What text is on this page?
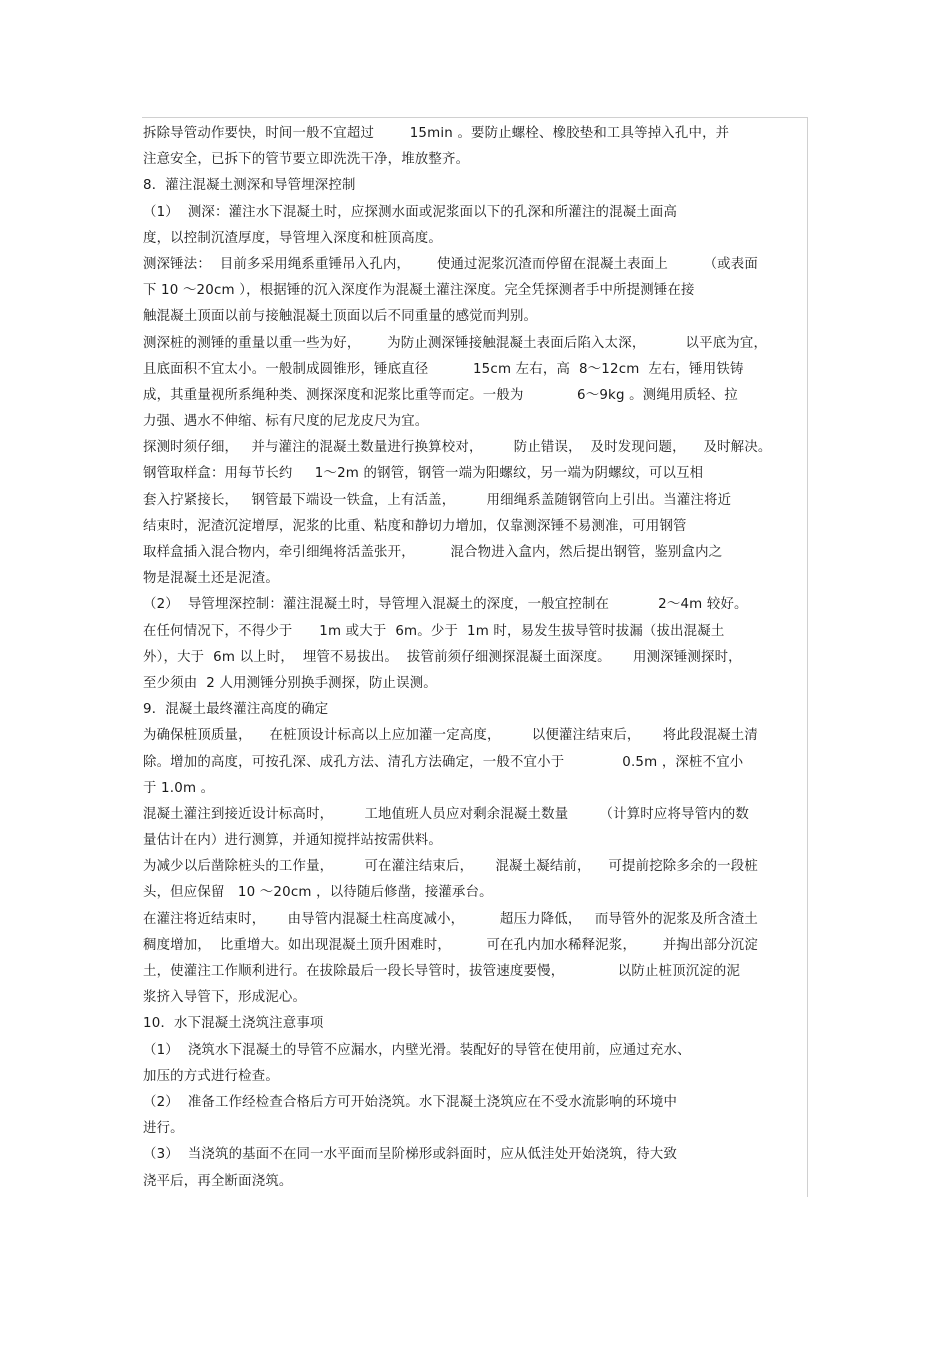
拆除导管动作要快，时间一般不宜超过        15min 。要防止螺栓、橡胶垫和工具等掉入孔中，并
注意安全，已拆下的管节要立即洗洗干净，堆放整齐。
8．灌注混凝土测深和导管埋深控制
（1）  测深：灌注水下混凝土时，应探测水面或泥浆面以下的孔深和所灌注的混凝土面高
度，以控制沉渣厚度，导管埋入深度和桩顶高度。
测深锤法：  目前多采用绳系重锤吊入孔内，      使通过泥浆沉渣而停留在混凝土表面上        （或表面
下 10 ～20cm ），根据锤的沉入深度作为混凝土灌注深度。完全凭探测者手中所提测锤在接
触混凝土顶面以前与接触混凝土顶面以后不同重量的感觉而判别。
测深桩的测锤的重量以重一些为好，      为防止测深锤接触混凝土表面后陷入太深，         以平底为宜，
且底面积不宜太小。一般制成圆锥形，锤底直径          15cm 左右，高  8～12cm  左右，锤用铁铸
成，其重量视所系绳种类、测探深度和泥浆比重等而定。一般为            6～9kg 。测绳用质轻、拉
力强、遇水不伸缩、标有尺度的尼龙皮尺为宜。
探测时须仔细，   并与灌注的混凝土数量进行换算校对，       防止错误，  及时发现问题，    及时解决。
钢管取样盒：用每节长约     1～2m 的钢管，钢管一端为阳螺纹，另一端为阴螺纹，可以互相
套入拧紧接长，   钢管最下端设一铁盒，上有活盖，       用细绳系盖随钢管向上引出。当灌注将近
结束时，泥渣沉淀增厚，泥浆的比重、粘度和静切力增加，仅靠测深锤不易测准，可用钢管
取样盒插入混合物内，牵引细绳将活盖张开，        混合物进入盒内，然后提出钢管，鉴别盒内之
物是混凝土还是泥渣。
（2）  导管埋深控制：灌注混凝土时，导管埋入混凝土的深度，一般宜控制在           2～4m 较好。
在任何情况下，不得少于      1m 或大于  6m。少于  1m 时，易发生拔导管时拔漏（拔出混凝土
外），大于  6m 以上时，  埋管不易拔出。  拔管前须仔细测探混凝土面深度。     用测深锤测探时，
至少须由  2 人用测锤分别换手测探，防止误测。
9．混凝土最终灌注高度的确定
为确保桩顶质量，    在桩顶设计标高以上应加灌一定高度，       以便灌注结束后，     将此段混凝土清
除。增加的高度，可按孔深、成孔方法、清孔方法确定，一般不宜小于             0.5m ，深桩不宜小
于 1.0m 。
混凝土灌注到接近设计标高时，       工地值班人员应对剩余混凝土数量       （计算时应将导管内的数
量估计在内）进行测算，并通知搅拌站按需供料。
为减少以后凿除桩头的工作量，       可在灌注结束后，     混凝土凝结前，    可提前挖除多余的一段桩
头，但应保留   10 ～20cm ，以待随后修凿，接灌承台。
在灌注将近结束时，     由导管内混凝土柱高度减小，        超压力降低，   而导管外的泥浆及所含渣土
稠度增加，  比重增大。如出现混凝土顶升困难时，        可在孔内加水稀释泥浆，      并掏出部分沉淀
土，使灌注工作顺利进行。在拔除最后一段长导管时，拔管速度要慢，            以防止桩顶沉淀的泥
浆挤入导管下，形成泥心。
10．水下混凝土浇筑注意事项
（1）  浇筑水下混凝土的导管不应漏水，内壁光滑。装配好的导管在使用前，应通过充水、
加压的方式进行检查。
（2）  准备工作经检查合格后方可开始浇筑。水下混凝土浇筑应在不受水流影响的环境中
进行。
（3）  当浇筑的基面不在同一水平面而呈阶梯形或斜面时，应从低洼处开始浇筑，待大致
浇平后，再全断面浇筑。
